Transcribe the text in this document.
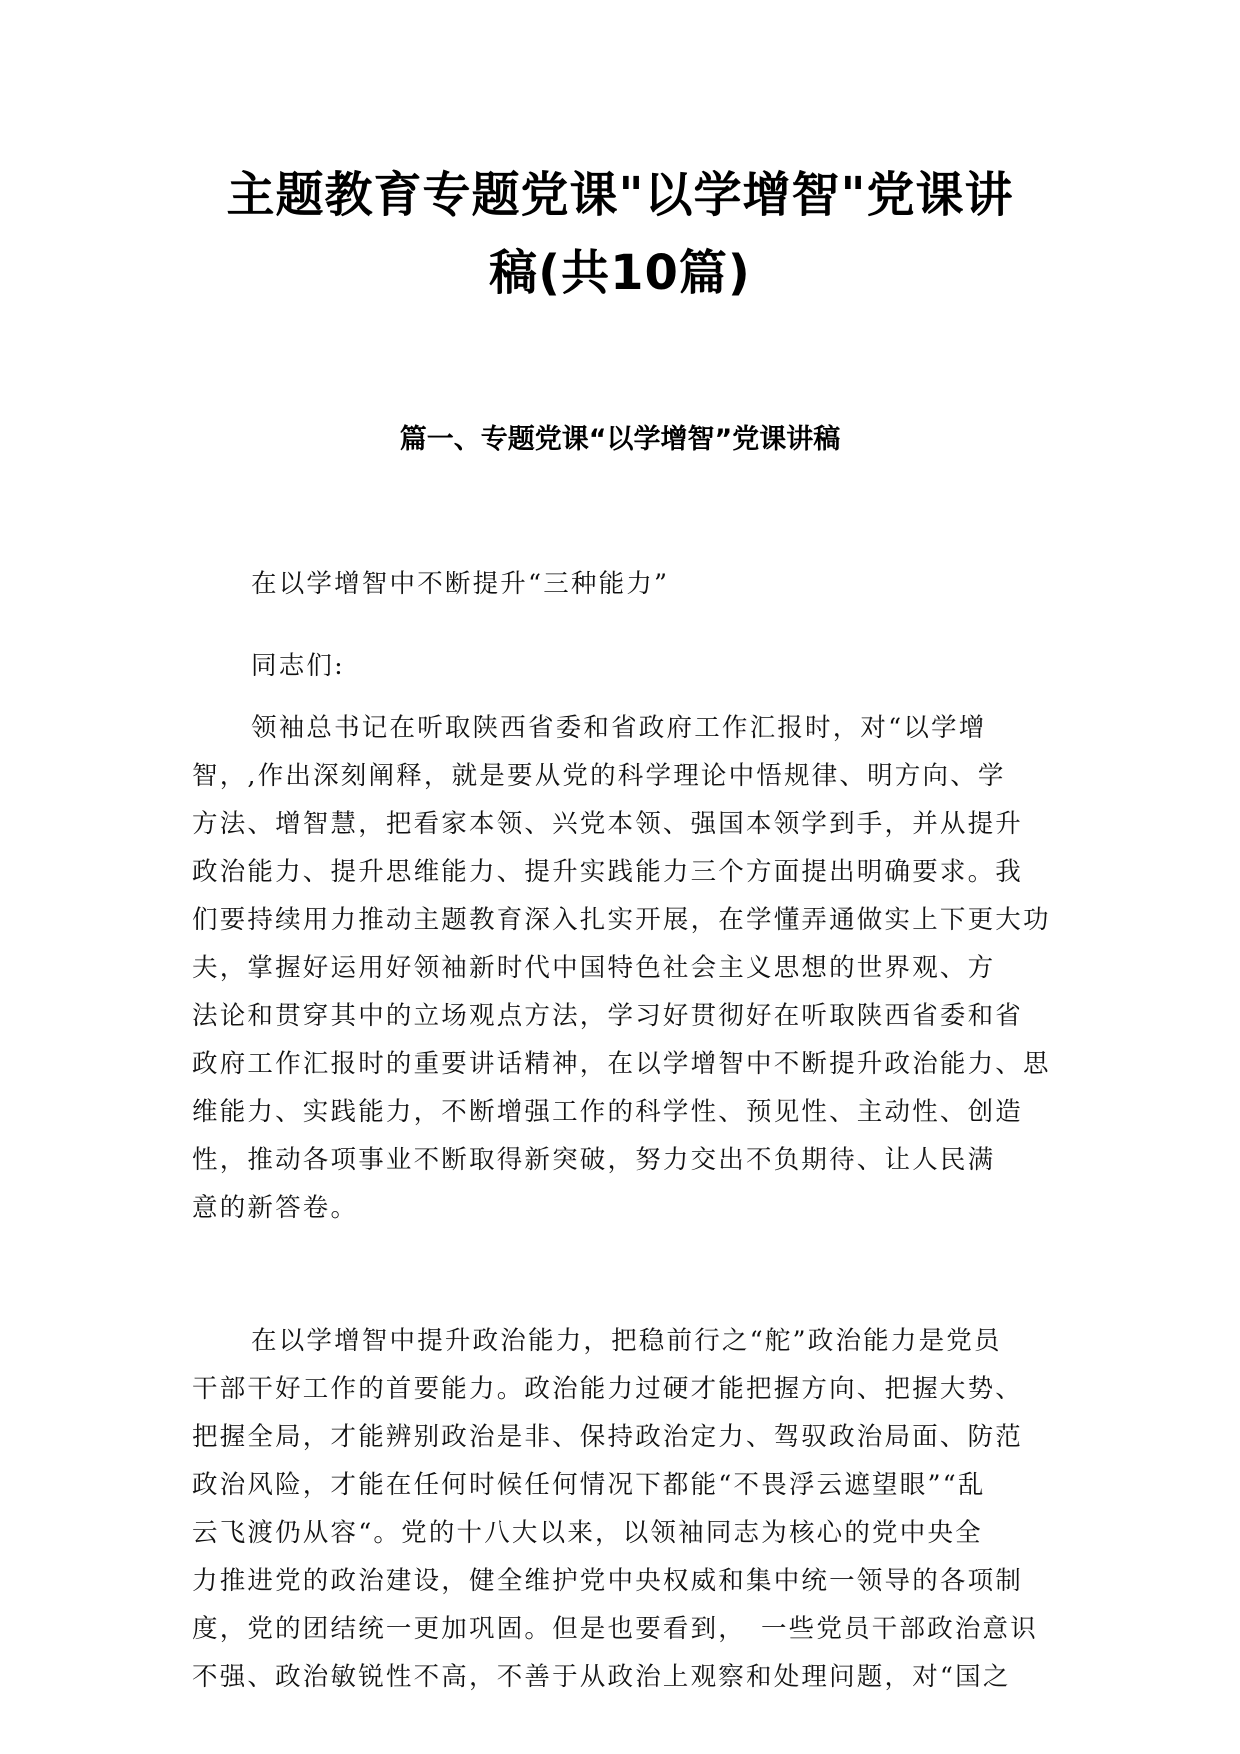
主题教育专题党课"以学增智"党课讲
稿(共10篇)
篇一、专题党课“以学增智”党课讲稿

在以学增智中不断提升“三种能力”

同志们:

领袖总书记在听取陕西省委和省政府工作汇报时，对“以学增
智，,作出深刻阐释，就是要从党的科学理论中悟规律、明方向、学
方法、增智慧，把看家本领、兴党本领、强国本领学到手，并从提升
政治能力、提升思维能力、提升实践能力三个方面提出明确要求。我
们要持续用力推动主题教育深入扎实开展，在学懂弄通做实上下更大功
夫，掌握好运用好领袖新时代中国特色社会主义思想的世界观、方
法论和贯穿其中的立场观点方法，学习好贯彻好在听取陕西省委和省
政府工作汇报时的重要讲话精神，在以学增智中不断提升政治能力、思
维能力、实践能力，不断增强工作的科学性、预见性、主动性、创造
性，推动各项事业不断取得新突破，努力交出不负期待、让人民满
意的新答卷。

在以学增智中提升政治能力，把稳前行之“舵”政治能力是党员
干部干好工作的首要能力。政治能力过硬才能把握方向、把握大势、
把握全局，才能辨别政治是非、保持政治定力、驾驭政治局面、防范
政治风险，才能在任何时候任何情况下都能“不畏浮云遮望眼”“乱
云飞渡仍从容“。党的十八大以来，以领袖同志为核心的党中央全
力推进党的政治建设，健全维护党中央权威和集中统一领导的各项制
度，党的团结统一更加巩固。但是也要看到，　一些党员干部政治意识
不强、政治敏锐性不高，不善于从政治上观察和处理问题，对“国之
